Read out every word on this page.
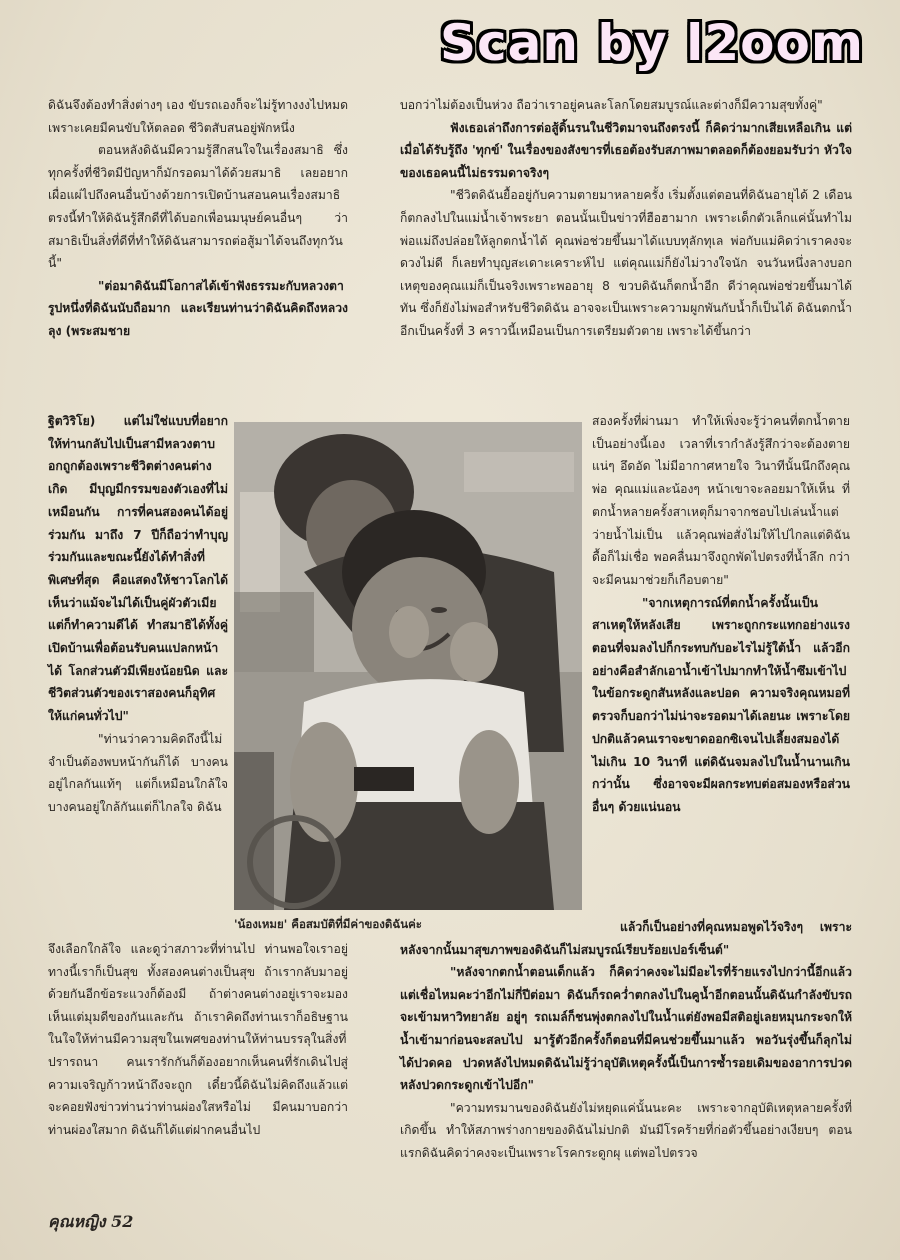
Scan by l2oom

ดิฉันจึงต้องทำสิ่งต่างๆ เอง ขับรถเองก็จะไม่รู้ทางงงไปหมด เพราะเคยมีคนขับให้ตลอด ชีวิตสับสนอยู่พักหนึ่ง

ตอนหลังดิฉันมีความรู้สึกสนใจในเรื่องสมาธิ ซึ่งทุกครั้งที่ชีวิตมีปัญหาก็มักรอดมาได้ด้วยสมาธิ เลยอยากเผื่อแผ่ไปถึงคนอื่นบ้างด้วยการเปิดบ้านสอนคนเรื่องสมาธิ ตรงนี้ทำให้ดิฉันรู้สึกดีที่ได้บอกเพื่อนมนุษย์คนอื่นๆ ว่าสมาธิเป็นสิ่งที่ดีที่ทำให้ดิฉันสามารถต่อสู้มาได้จนถึงทุกวันนี้"

"ต่อมาดิฉันมีโอกาสได้เข้าฟังธรรมะกับหลวงตารูปหนึ่งที่ดิฉันนับถือมาก และเรียนท่านว่าดิฉันคิดถึงหลวงลุง (พระสมชาย

ฐิตวิริโย) แต่ไม่ใช่แบบที่อยากให้ท่านกลับไปเป็นสามีหลวงตาบอกถูกต้องเพราะชีวิตต่างคนต่างเกิด มีบุญมีกรรมของตัวเองที่ไม่เหมือนกัน การที่คนสองคนได้อยู่ร่วมกัน มาถึง 7 ปีก็ถือว่าทำบุญร่วมกันและขณะนี้ยังได้ทำสิ่งที่พิเศษที่สุด คือแสดงให้ชาวโลกได้เห็นว่าแม้จะไม่ได้เป็นคู่ผัวตัวเมียแต่ก็ทำความดีได้ ทำสมาธิได้ทั้งคู่ เปิดบ้านเพื่อต้อนรับคนแปลกหน้าได้ โลกส่วนตัวมีเพียงน้อยนิด และชีวิตส่วนตัวของเราสองคนก็อุทิศให้แก่คนทั่วไป"

"ท่านว่าความคิดถึงนี้ไม่จำเป็นต้องพบหน้ากันก็ได้ บางคนอยู่ไกลกันแท้ๆ แต่ก็เหมือนใกล้ใจ บางคนอยู่ใกล้กันแต่ก็ไกลใจ ดิฉัน

จึงเลือกใกล้ใจ และดูว่าสภาวะที่ท่านไป ท่านพอใจเราอยู่ทางนี้เราก็เป็นสุข ทั้งสองคนต่างเป็นสุข ถ้าเรากลับมาอยู่ด้วยกันอีกข้อระแวงก็ต้องมี ถ้าต่างคนต่างอยู่เราจะมองเห็นแต่มุมดีของกันและกัน ถ้าเราคิดถึงท่านเราก็อธิษฐานในใจให้ท่านมีความสุขในเพศของท่านให้ท่านบรรลุในสิ่งที่ปรารถนา คนเรารักกันก็ต้องอยากเห็นคนที่รักเดินไปสู่ความเจริญก้าวหน้าถึงจะถูก เดี๋ยวนี้ดิฉันไม่คิดถึงแล้วแต่จะคอยฟังข่าวท่านว่าท่านผ่องใสหรือไม่ มีคนมาบอกว่าท่านผ่องใสมาก ดิฉันก็ได้แต่ฝากคนอื่นไป

บอกว่าไม่ต้องเป็นห่วง ถือว่าเราอยู่คนละโลกโดยสมบูรณ์และต่างก็มีความสุขทั้งคู่"

ฟังเธอเล่าถึงการต่อสู้ดิ้นรนในชีวิตมาจนถึงตรงนี้ ก็คิดว่ามากเสียเหลือเกิน แต่เมื่อได้รับรู้ถึง 'ทุกข์' ในเรื่องของสังขารที่เธอต้องรับสภาพมาตลอดก็ต้องยอมรับว่า หัวใจของเธอคนนี้ไม่ธรรมดาจริงๆ

"ชีวิตดิฉันยื้ออยู่กับความตายมาหลายครั้ง เริ่มตั้งแต่ตอนที่ดิฉันอายุได้ 2 เดือน ก็ตกลงไปในแม่น้ำเจ้าพระยา ตอนนั้นเป็นข่าวที่ฮือฮามาก เพราะเด็กตัวเล็กแค่นั้นทำไมพ่อแม่ถึงปล่อยให้ลูกตกน้ำได้ คุณพ่อช่วยขึ้นมาได้แบบทุลักทุเล พ่อกับแม่คิดว่าเราคงจะดวงไม่ดี ก็เลยทำบุญสะเดาะเคราะห์ไป แต่คุณแม่ก็ยังไม่วางใจนัก จนวันหนึ่งลางบอกเหตุของคุณแม่ก็เป็นจริงเพราะพออายุ 8 ขวบดิฉันก็ตกน้ำอีก ดีว่าคุณพ่อช่วยขึ้นมาได้ทัน ซึ่งก็ยังไม่พอสำหรับชีวิตดิฉัน อาจจะเป็นเพราะความผูกพันกับน้ำก็เป็นได้ ดิฉันตกน้ำอีกเป็นครั้งที่ 3 คราวนี้เหมือนเป็นการเตรียมตัวตาย เพราะได้ขึ้นกว่า

สองครั้งที่ผ่านมา ทำให้เพิ่งจะรู้ว่าคนที่ตกน้ำตายเป็นอย่างนี้เอง เวลาที่เรากำลังรู้สึกว่าจะต้องตายแน่ๆ อึดอัด ไม่มีอากาศหายใจ วินาทีนั้นนึกถึงคุณพ่อ คุณแม่และน้องๆ หน้าเขาจะลอยมาให้เห็น ที่ตกน้ำหลายครั้งสาเหตุก็มาจากชอบไปเล่นน้ำแต่ว่ายน้ำไม่เป็น แล้วคุณพ่อสั่งไม่ให้ไปไกลแต่ดิฉันดื้อก็ไม่เชื่อ พอคลื่นมาจึงถูกพัดไปตรงที่น้ำลึก กว่าจะมีคนมาช่วยก็เกือบตาย"

"จากเหตุการณ์ที่ตกน้ำครั้งนั้นเป็นสาเหตุให้หลังเสีย เพราะถูกกระแทกอย่างแรง ตอนที่จมลงไปก็กระทบกับอะไรไม่รู้ใต้น้ำ แล้วอีกอย่างคือสำลักเอาน้ำเข้าไปมากทำให้น้ำซึมเข้าไปในข้อกระดูกสันหลังและปอด ความจริงคุณหมอที่ตรวจก็บอกว่าไม่น่าจะรอดมาได้เลยนะ เพราะโดยปกติแล้วคนเราจะขาดออกซิเจนไปเลี้ยงสมองได้ไม่เกิน 10 วินาที แต่ดิฉันจมลงไปในน้ำนานเกินกว่านั้น ซึ่งอาจจะมีผลกระทบต่อสมองหรือส่วนอื่นๆ ด้วยแน่นอน

แล้วก็เป็นอย่างที่คุณหมอพูดไว้จริงๆ เพราะหลังจากนั้นมาสุขภาพของดิฉันก็ไม่สมบูรณ์เรียบร้อยเปอร์เซ็นต์"

"หลังจากตกน้ำตอนเด็กแล้ว ก็คิดว่าคงจะไม่มีอะไรที่ร้ายแรงไปกว่านี้อีกแล้ว แต่เชื่อไหมคะว่าอีกไม่กี่ปีต่อมา ดิฉันก็รถคว่ำตกลงไปในคูน้ำอีกตอนนั้นดิฉันกำลังขับรถจะเข้ามหาวิทยาลัย อยู่ๆ รถเมล์ก็ชนพุ่งตกลงไปในน้ำแต่ยังพอมีสติอยู่เลยหมุนกระจกให้น้ำเข้ามาก่อนจะสลบไป มารู้ตัวอีกครั้งก็ตอนที่มีคนช่วยขึ้นมาแล้ว พอวันรุ่งขึ้นก็ลุกไม่ได้ปวดคอ ปวดหลังไปหมดดิฉันไม่รู้ว่าอุบัติเหตุครั้งนี้เป็นการซ้ำรอยเดิมของอาการปวดหลังปวดกระดูกเข้าไปอีก"

"ความทรมานของดิฉันยังไม่หยุดแค่นั้นนะคะ เพราะจากอุบัติเหตุหลายครั้งที่เกิดขึ้น ทำให้สภาพร่างกายของดิฉันไม่ปกติ มันมีโรคร้ายที่ก่อตัวขึ้นอย่างเงียบๆ ตอนแรกดิฉันคิดว่าคงจะเป็นเพราะโรคกระดูกผุ แต่พอไปตรวจ

'น้องเหมย' คือสมบัติที่มีค่าของดิฉันค่ะ
คุณหญิง 52
